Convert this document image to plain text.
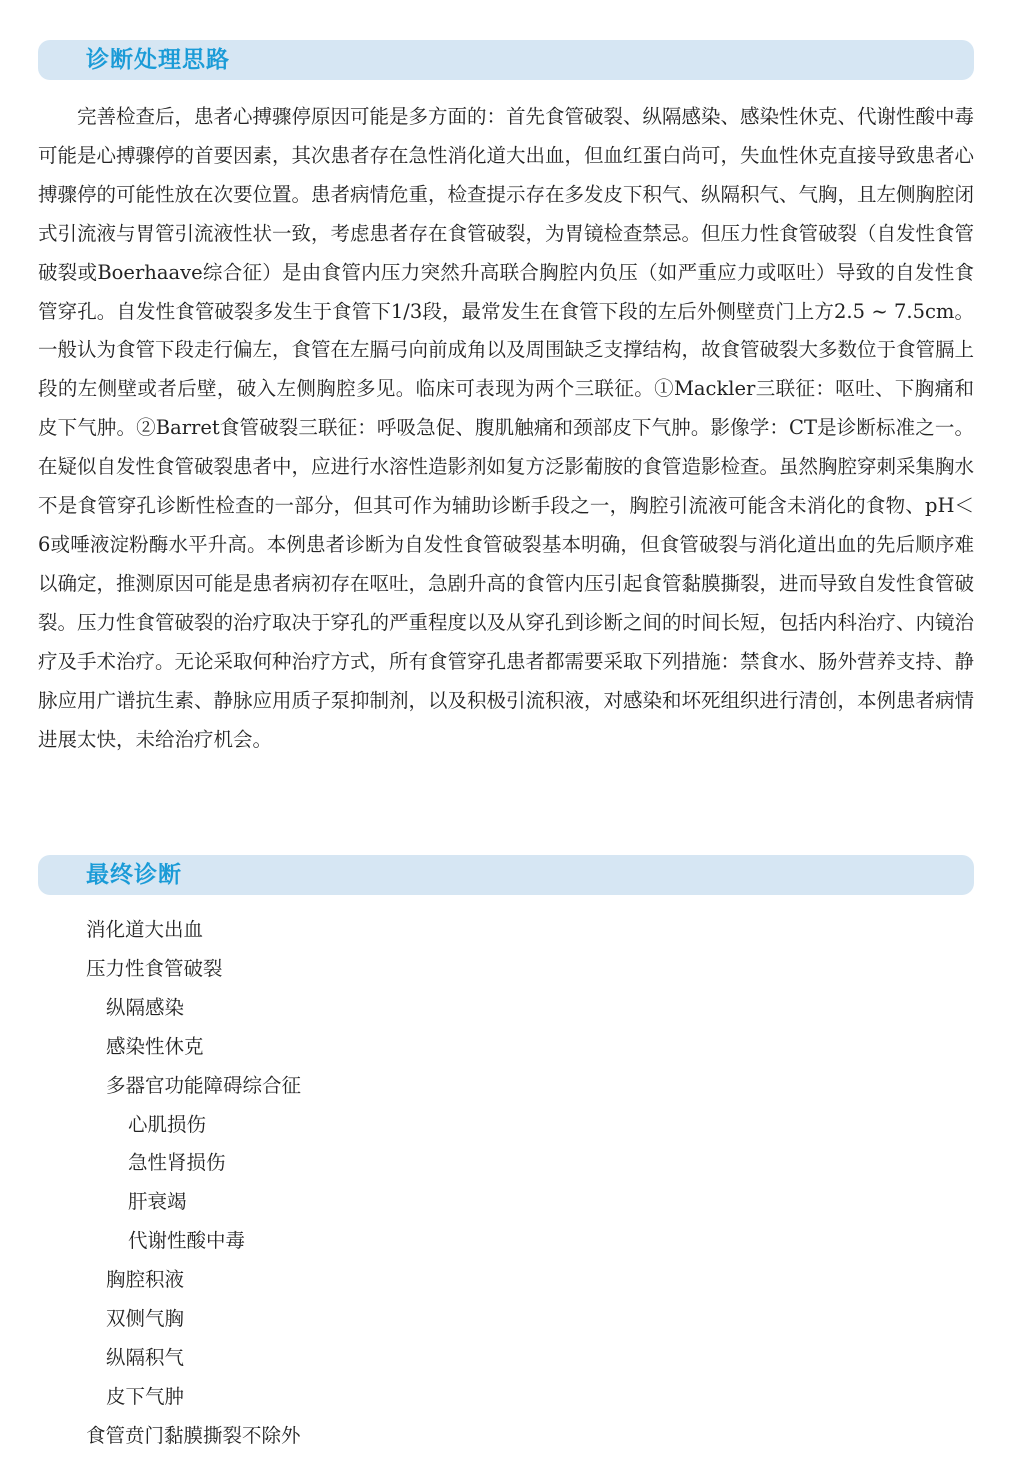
诊断处理思路

完善检查后，患者心搏骤停原因可能是多方面的：首先食管破裂、纵隔感染、感染性休克、代谢性酸中毒可能是心搏骤停的首要因素，其次患者存在急性消化道大出血，但血红蛋白尚可，失血性休克直接导致患者心搏骤停的可能性放在次要位置。患者病情危重，检查提示存在多发皮下积气、纵隔积气、气胸，且左侧胸腔闭式引流液与胃管引流液性状一致，考虑患者存在食管破裂，为胃镜检查禁忌。但压力性食管破裂（自发性食管破裂或Boerhaave综合征）是由食管内压力突然升高联合胸腔内负压（如严重应力或呕吐）导致的自发性食管穿孔。自发性食管破裂多发生于食管下1/3段，最常发生在食管下段的左后外侧壁贲门上方2.5 ~ 7.5cm。一般认为食管下段走行偏左，食管在左膈弓向前成角以及周围缺乏支撑结构，故食管破裂大多数位于食管膈上段的左侧壁或者后壁，破入左侧胸腔多见。临床可表现为两个三联征。①Mackler三联征：呕吐、下胸痛和皮下气肿。②Barret食管破裂三联征：呼吸急促、腹肌触痛和颈部皮下气肿。影像学：CT是诊断标准之一。在疑似自发性食管破裂患者中，应进行水溶性造影剂如复方泛影葡胺的食管造影检查。虽然胸腔穿刺采集胸水不是食管穿孔诊断性检查的一部分，但其可作为辅助诊断手段之一，胸腔引流液可能含未消化的食物、pH＜6或唾液淀粉酶水平升高。本例患者诊断为自发性食管破裂基本明确，但食管破裂与消化道出血的先后顺序难以确定，推测原因可能是患者病初存在呕吐，急剧升高的食管内压引起食管黏膜撕裂，进而导致自发性食管破裂。压力性食管破裂的治疗取决于穿孔的严重程度以及从穿孔到诊断之间的时间长短，包括内科治疗、内镜治疗及手术治疗。无论采取何种治疗方式，所有食管穿孔患者都需要采取下列措施：禁食水、肠外营养支持、静脉应用广谱抗生素、静脉应用质子泵抑制剂，以及积极引流积液，对感染和坏死组织进行清创，本例患者病情进展太快，未给治疗机会。

最终诊断
消化道大出血
压力性食管破裂
纵隔感染
感染性休克
多器官功能障碍综合征
心肌损伤
急性肾损伤
肝衰竭
代谢性酸中毒
胸腔积液
双侧气胸
纵隔积气
皮下气肿
食管贲门黏膜撕裂不除外
